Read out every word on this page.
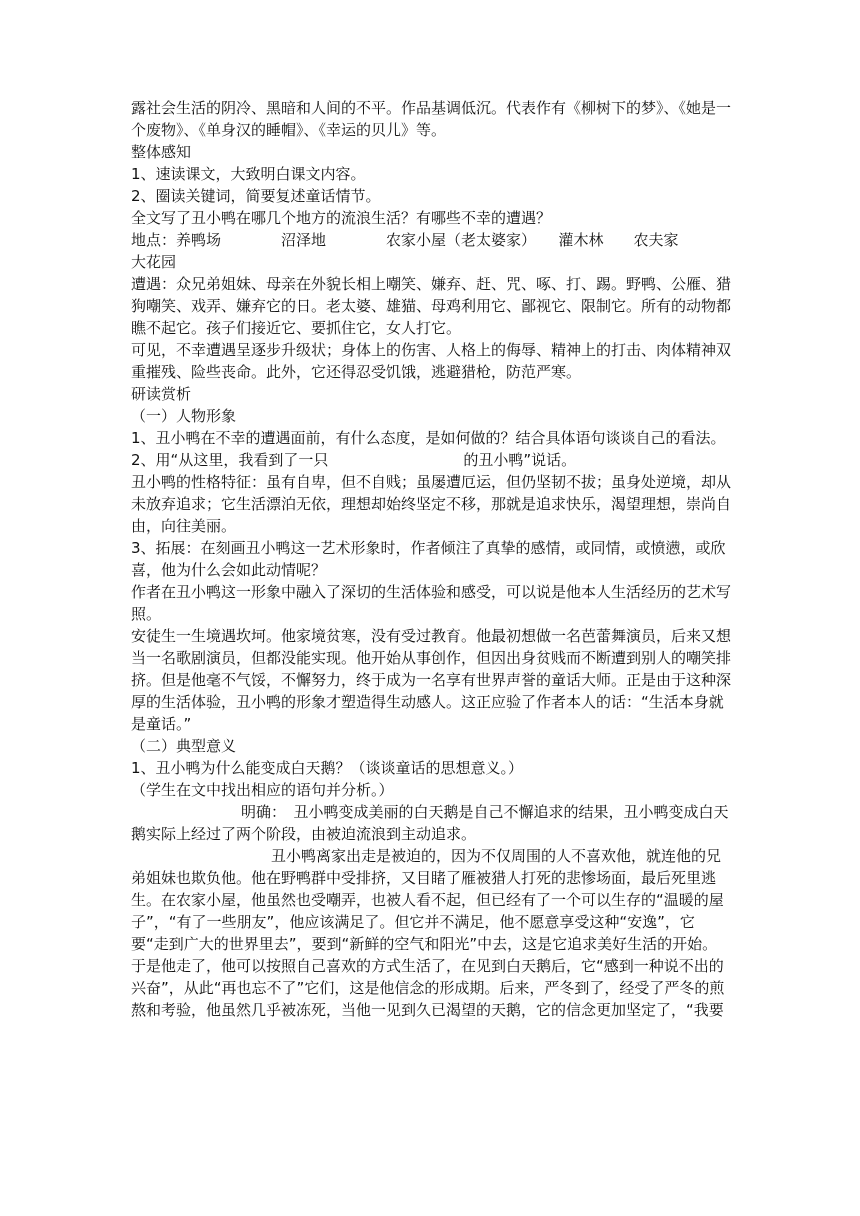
露社会生活的阴冷、黑暗和人间的不平。作品基调低沉。代表作有《柳树下的梦》、《她是一个废物》、《单身汉的睡帽》、《幸运的贝儿》等。

整体感知

1、速读课文，大致明白课文内容。

2、圈读关键词，简要复述童话情节。

全文写了丑小鸭在哪几个地方的流浪生活？有哪些不幸的遭遇？

地点：养鸭场　　　　沼泽地　　　　农家小屋（老太婆家）　　灌木林　　农夫家　　　大花园

遭遇：众兄弟姐妹、母亲在外貌长相上嘲笑、嫌弃、赶、咒、啄、打、踢。野鸭、公雁、猎狗嘲笑、戏弄、嫌弃它的日。老太婆、雄猫、母鸡利用它、鄙视它、限制它。所有的动物都瞧不起它。孩子们接近它、要抓住它，女人打它。

可见，不幸遭遇呈逐步升级状；身体上的伤害、人格上的侮辱、精神上的打击、肉体精神双重摧残、险些丧命。此外，它还得忍受饥饿，逃避猎枪，防范严寒。

研读赏析

（一）人物形象

1、丑小鸭在不幸的遭遇面前，有什么态度，是如何做的？结合具体语句谈谈自己的看法。

2、用“从这里，我看到了一只　　　　　　　　　的丑小鸭”说话。

丑小鸭的性格特征：虽有自卑，但不自贱；虽屡遭厄运，但仍坚韧不拔；虽身处逆境，却从未放弃追求；它生活漂泊无依，理想却始终坚定不移，那就是追求快乐，渴望理想，崇尚自由，向往美丽。

3、拓展：在刻画丑小鸭这一艺术形象时，作者倾注了真挚的感情，或同情，或愤懑，或欣喜，他为什么会如此动情呢？

作者在丑小鸭这一形象中融入了深切的生活体验和感受，可以说是他本人生活经历的艺术写照。

安徒生一生境遇坎坷。他家境贫寒，没有受过教育。他最初想做一名芭蕾舞演员，后来又想当一名歌剧演员，但都没能实现。他开始从事创作，但因出身贫贱而不断遭到别人的嘲笑排挤。但是他毫不气馁，不懈努力，终于成为一名享有世界声誉的童话大师。正是由于这种深厚的生活体验，丑小鸭的形象才塑造得生动感人。这正应验了作者本人的话：“生活本身就是童话。”

（二）典型意义

1、丑小鸭为什么能变成白天鹅？（谈谈童话的思想意义。）

（学生在文中找出相应的语句并分析。）

明确：　丑小鸭变成美丽的白天鹅是自己不懈追求的结果，丑小鸭变成白天鹅实际上经过了两个阶段，由被迫流浪到主动追求。

丑小鸭离家出走是被迫的，因为不仅周围的人不喜欢他，就连他的兄弟姐妹也欺负他。他在野鸭群中受排挤，又目睹了雁被猎人打死的悲惨场面，最后死里逃生。在农家小屋，他虽然也受嘲弄，也被人看不起，但已经有了一个可以生存的“温暖的屋子”，“有了一些朋友”，他应该满足了。但它并不满足，他不愿意享受这种“安逸”，它要“走到广大的世界里去”，要到“新鲜的空气和阳光”中去，这是它追求美好生活的开始。于是他走了，他可以按照自己喜欢的方式生活了，在见到白天鹅后，它“感到一种说不出的兴奋”，从此“再也忘不了”它们，这是他信念的形成期。后来，严冬到了，经受了严冬的煎熬和考验，他虽然几乎被冻死，当他一见到久已渴望的天鹅，它的信念更加坚定了，“我要
